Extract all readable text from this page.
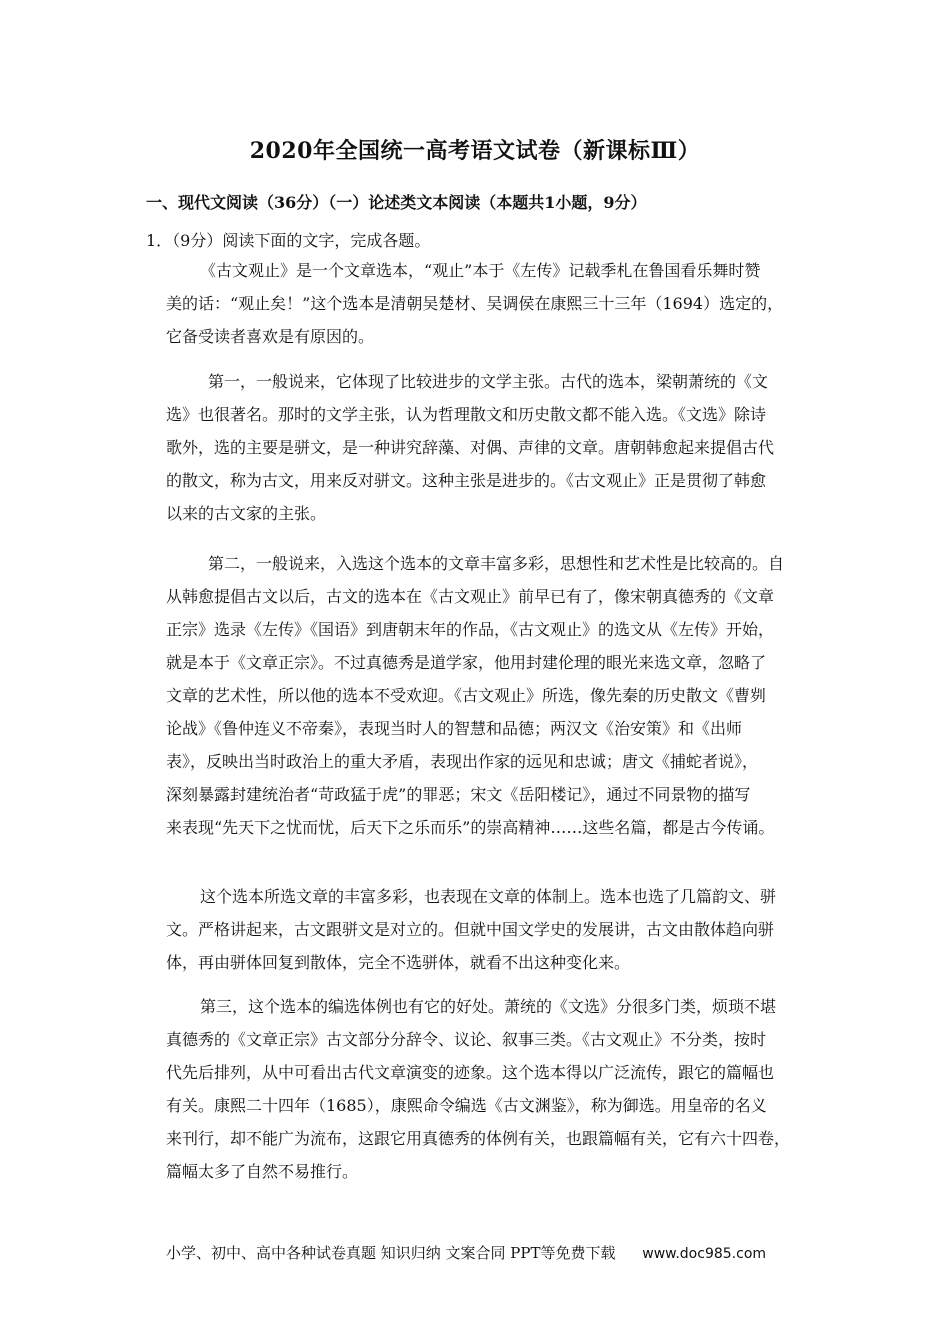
2020年全国统一高考语文试卷（新课标Ⅲ）
一、现代文阅读（36分）（一）论述类文本阅读（本题共1小题，9分）
1．（9分）阅读下面的文字，完成各题。
《古文观止》是一个文章选本，“观止”本于《左传》记载季札在鲁国看乐舞时赞
美的话：“观止矣！”这个选本是清朝吴楚材、吴调侯在康熙三十三年（1694）选定的，
它备受读者喜欢是有原因的。
第一，一般说来，它体现了比较进步的文学主张。古代的选本，梁朝萧统的《文
选》也很著名。那时的文学主张，认为哲理散文和历史散文都不能入选。《文选》除诗
歌外，选的主要是骈文，是一种讲究辞藻、对偶、声律的文章。唐朝韩愈起来提倡古代
的散文，称为古文，用来反对骈文。这种主张是进步的。《古文观止》正是贯彻了韩愈
以来的古文家的主张。
第二，一般说来，入选这个选本的文章丰富多彩，思想性和艺术性是比较高的。自
从韩愈提倡古文以后，古文的选本在《古文观止》前早已有了，像宋朝真德秀的《文章
正宗》选录《左传》《国语》到唐朝末年的作品，《古文观止》的选文从《左传》开始，
就是本于《文章正宗》。不过真德秀是道学家，他用封建伦理的眼光来选文章，忽略了
文章的艺术性，所以他的选本不受欢迎。《古文观止》所选，像先秦的历史散文《曹刿
论战》《鲁仲连义不帝秦》，表现当时人的智慧和品德；两汉文《治安策》和《出师
表》，反映出当时政治上的重大矛盾，表现出作家的远见和忠诚；唐文《捕蛇者说》，
深刻暴露封建统治者“苛政猛于虎”的罪恶；宋文《岳阳楼记》，通过不同景物的描写
来表现“先天下之忧而忧，后天下之乐而乐”的崇高精神……这些名篇，都是古今传诵。
这个选本所选文章的丰富多彩，也表现在文章的体制上。选本也选了几篇韵文、骈
文。严格讲起来，古文跟骈文是对立的。但就中国文学史的发展讲，古文由散体趋向骈
体，再由骈体回复到散体，完全不选骈体，就看不出这种变化来。
第三，这个选本的编选体例也有它的好处。萧统的《文选》分很多门类，烦琐不堪
真德秀的《文章正宗》古文部分分辞令、议论、叙事三类。《古文观止》不分类，按时
代先后排列，从中可看出古代文章演变的迹象。这个选本得以广泛流传，跟它的篇幅也
有关。康熙二十四年（1685），康熙命令编选《古文渊鉴》，称为御选。用皇帝的名义
来刊行，却不能广为流布，这跟它用真德秀的体例有关，也跟篇幅有关，它有六十四卷，
篇幅太多了自然不易推行。
小学、初中、高中各种试卷真题 知识归纳 文案合同 PPT等免费下载 www.doc985.com
